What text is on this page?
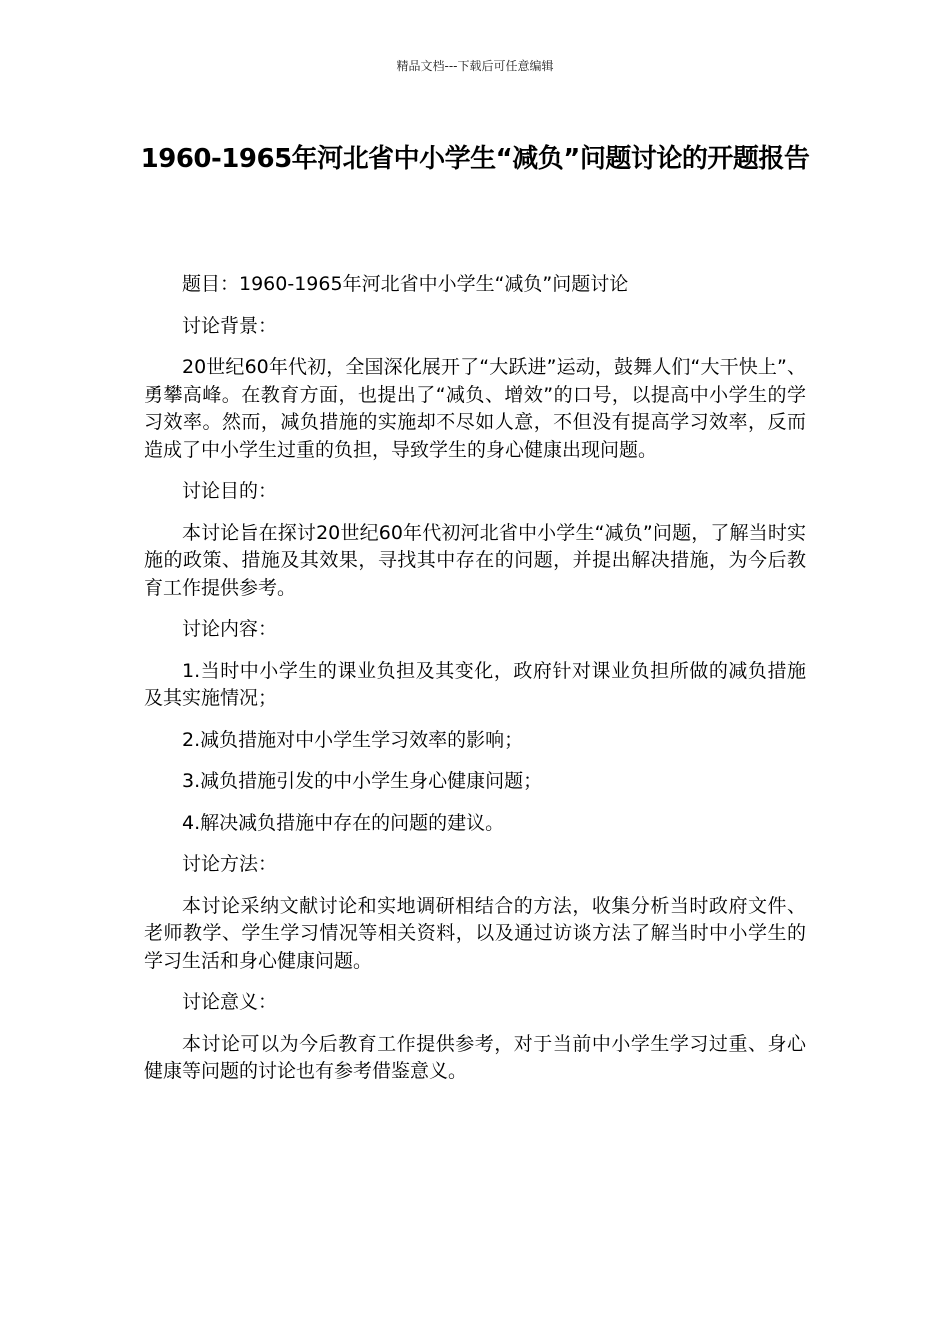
精品文档---下载后可任意编辑
1960-1965年河北省中小学生“减负”问题讨论的开题报告

题目：1960-1965年河北省中小学生“减负”问题讨论

讨论背景：

20世纪60年代初，全国深化展开了“大跃进”运动，鼓舞人们“大干快上”、勇攀高峰。在教育方面，也提出了“减负、增效”的口号，以提高中小学生的学习效率。然而，减负措施的实施却不尽如人意，不但没有提高学习效率，反而造成了中小学生过重的负担，导致学生的身心健康出现问题。

讨论目的：

本讨论旨在探讨20世纪60年代初河北省中小学生“减负”问题，了解当时实施的政策、措施及其效果，寻找其中存在的问题，并提出解决措施，为今后教育工作提供参考。

讨论内容：

1.当时中小学生的课业负担及其变化，政府针对课业负担所做的减负措施及其实施情况；

2.减负措施对中小学生学习效率的影响；

3.减负措施引发的中小学生身心健康问题；

4.解决减负措施中存在的问题的建议。

讨论方法：

本讨论采纳文献讨论和实地调研相结合的方法，收集分析当时政府文件、老师教学、学生学习情况等相关资料，以及通过访谈方法了解当时中小学生的学习生活和身心健康问题。

讨论意义：

本讨论可以为今后教育工作提供参考，对于当前中小学生学习过重、身心健康等问题的讨论也有参考借鉴意义。
